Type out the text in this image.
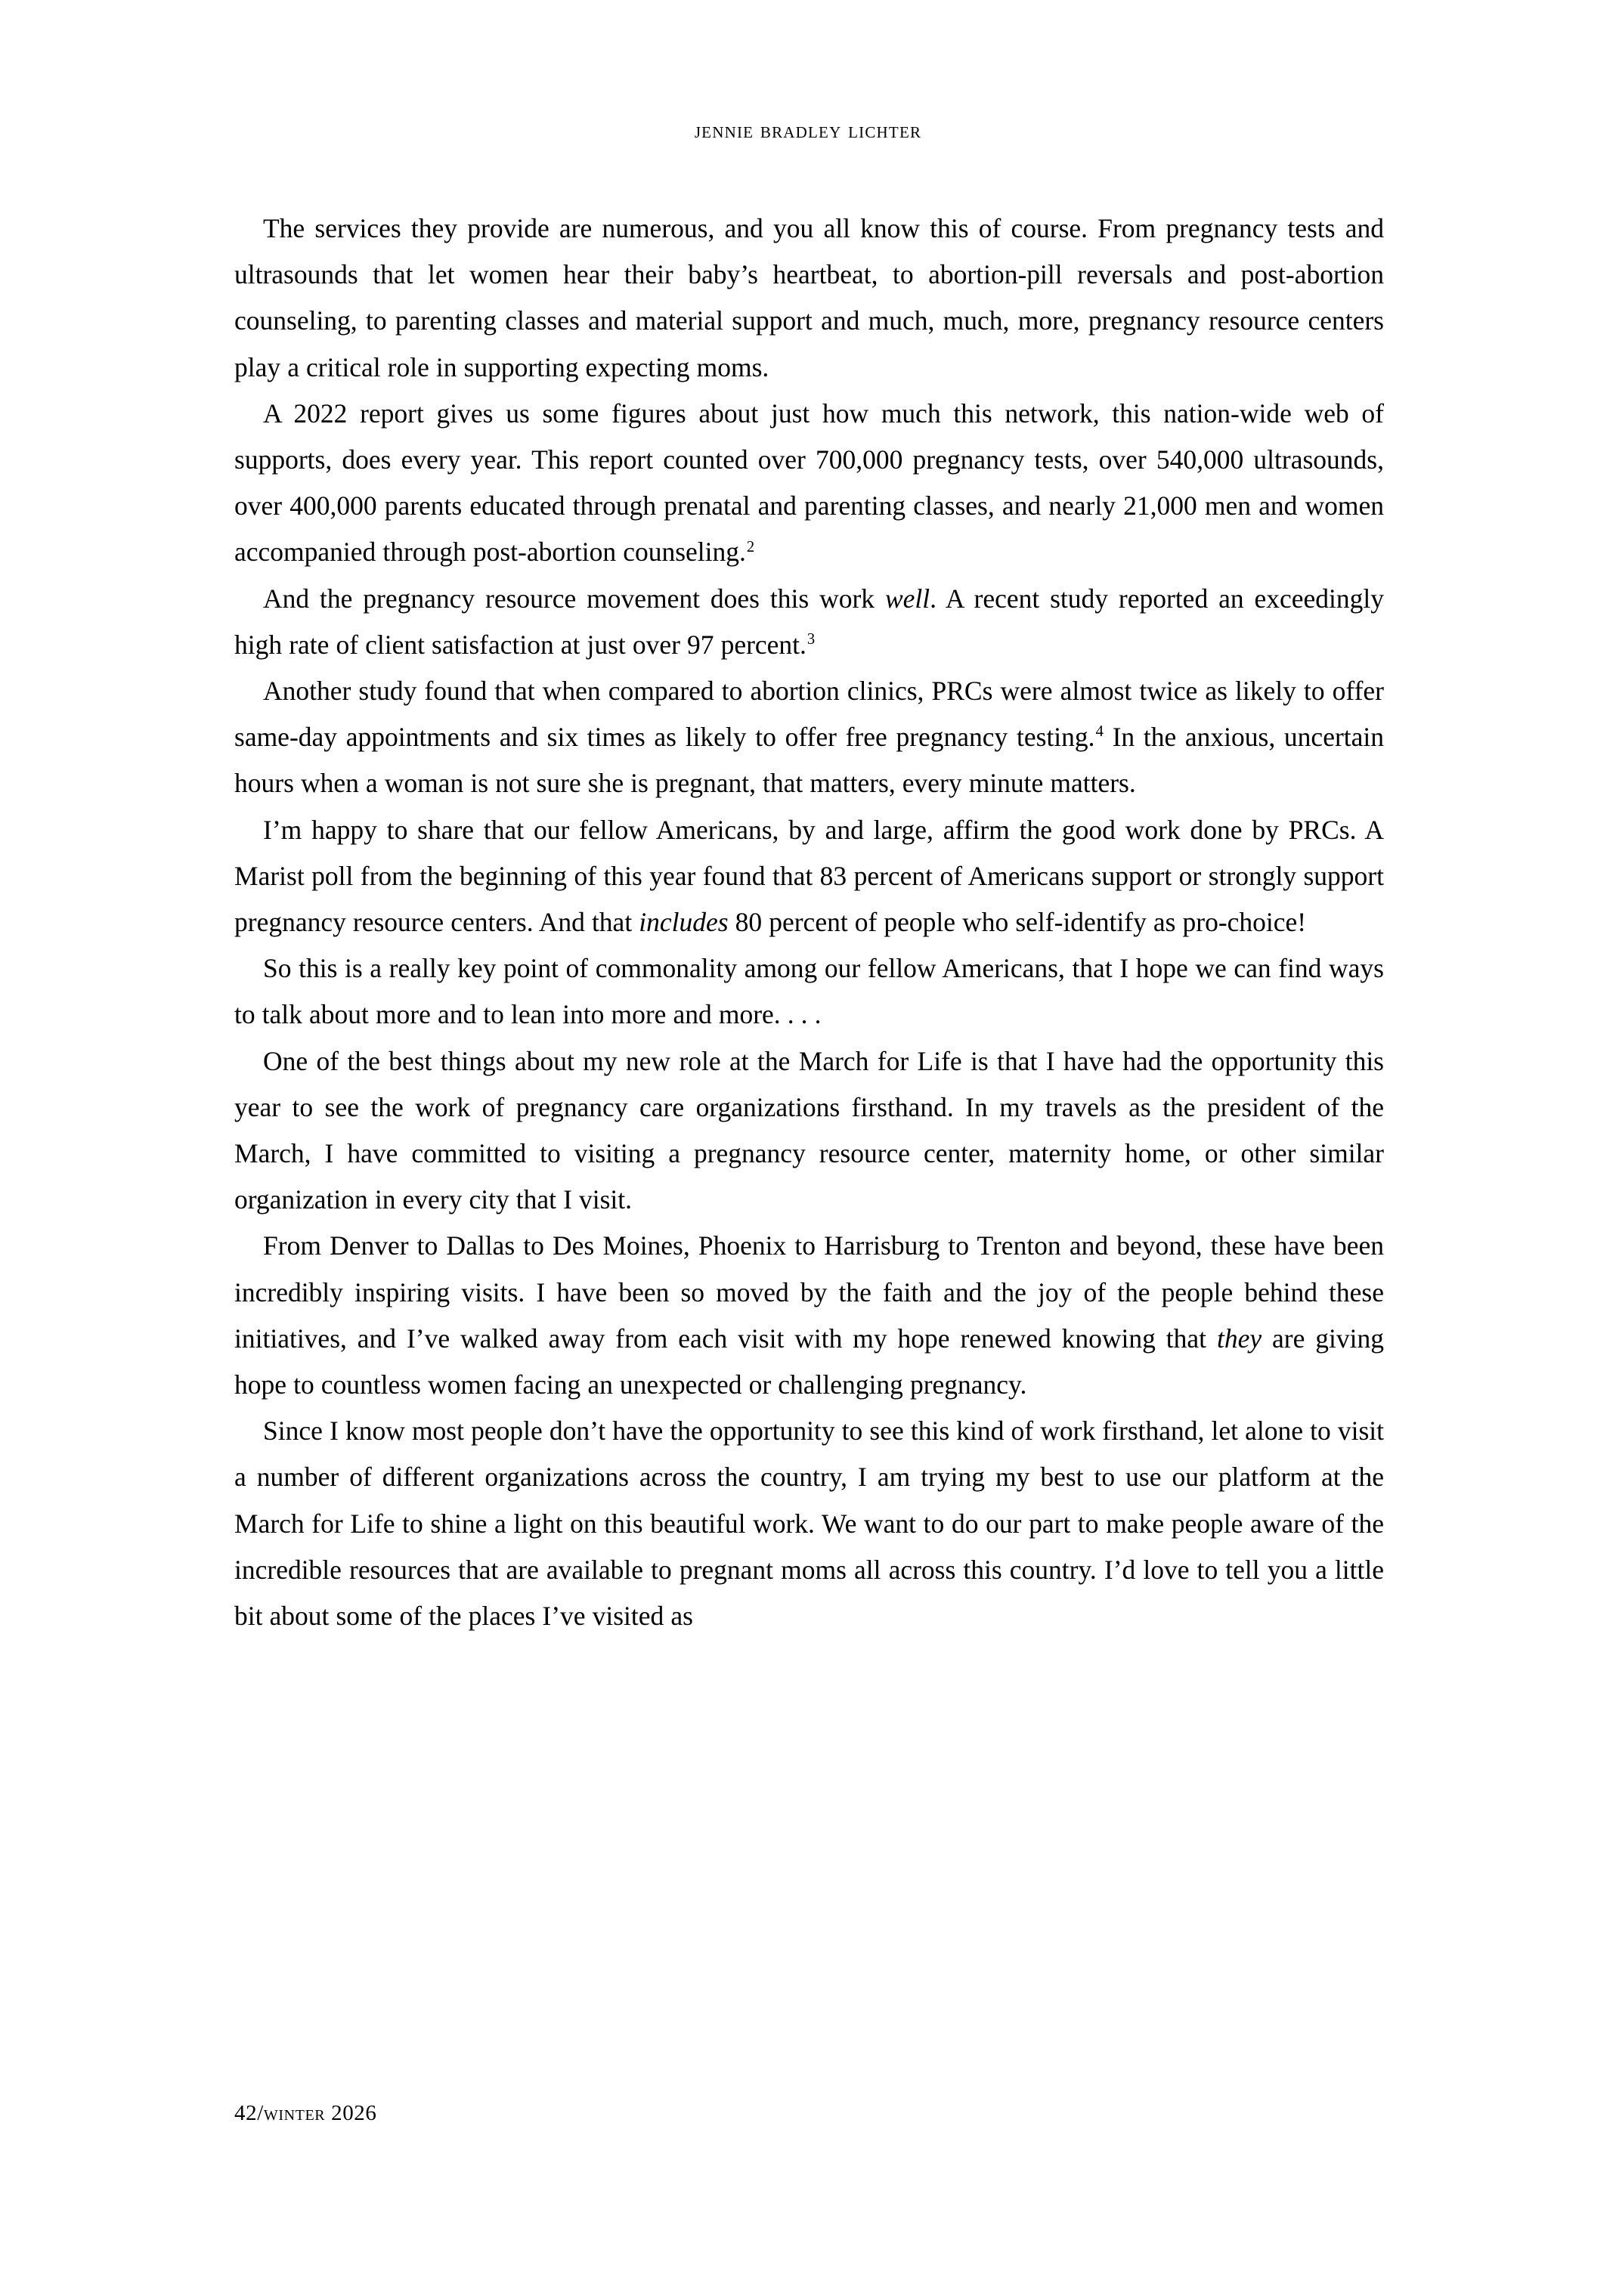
jennie bradley lichter

The services they provide are numerous, and you all know this of course. From pregnancy tests and ultrasounds that let women hear their baby’s heartbeat, to abortion-pill reversals and post-abortion counseling, to parenting classes and material support and much, much, more, pregnancy resource centers play a critical role in supporting expecting moms.

A 2022 report gives us some figures about just how much this network, this nation-wide web of supports, does every year. This report counted over 700,000 pregnancy tests, over 540,000 ultrasounds, over 400,000 parents educated through prenatal and parenting classes, and nearly 21,000 men and women accompanied through post-abortion counseling.$^2$

And the pregnancy resource movement does this work well. A recent study reported an exceedingly high rate of client satisfaction at just over 97 percent.$^3$

Another study found that when compared to abortion clinics, PRCs were almost twice as likely to offer same-day appointments and six times as likely to offer free pregnancy testing.$^4$ In the anxious, uncertain hours when a woman is not sure she is pregnant, that matters, every minute matters.

I’m happy to share that our fellow Americans, by and large, affirm the good work done by PRCs. A Marist poll from the beginning of this year found that 83 percent of Americans support or strongly support pregnancy resource centers. And that includes 80 percent of people who self-identify as pro-choice!

So this is a really key point of commonality among our fellow Americans, that I hope we can find ways to talk about more and to lean into more and more. . . .

One of the best things about my new role at the March for Life is that I have had the opportunity this year to see the work of pregnancy care organizations firsthand. In my travels as the president of the March, I have committed to visiting a pregnancy resource center, maternity home, or other similar organization in every city that I visit.

From Denver to Dallas to Des Moines, Phoenix to Harrisburg to Trenton and beyond, these have been incredibly inspiring visits. I have been so moved by the faith and the joy of the people behind these initiatives, and I’ve walked away from each visit with my hope renewed knowing that they are giving hope to countless women facing an unexpected or challenging pregnancy.

Since I know most people don’t have the opportunity to see this kind of work firsthand, let alone to visit a number of different organizations across the country, I am trying my best to use our platform at the March for Life to shine a light on this beautiful work. We want to do our part to make people aware of the incredible resources that are available to pregnant moms all across this country. I’d love to tell you a little bit about some of the places I’ve visited as

42/winter 2026
